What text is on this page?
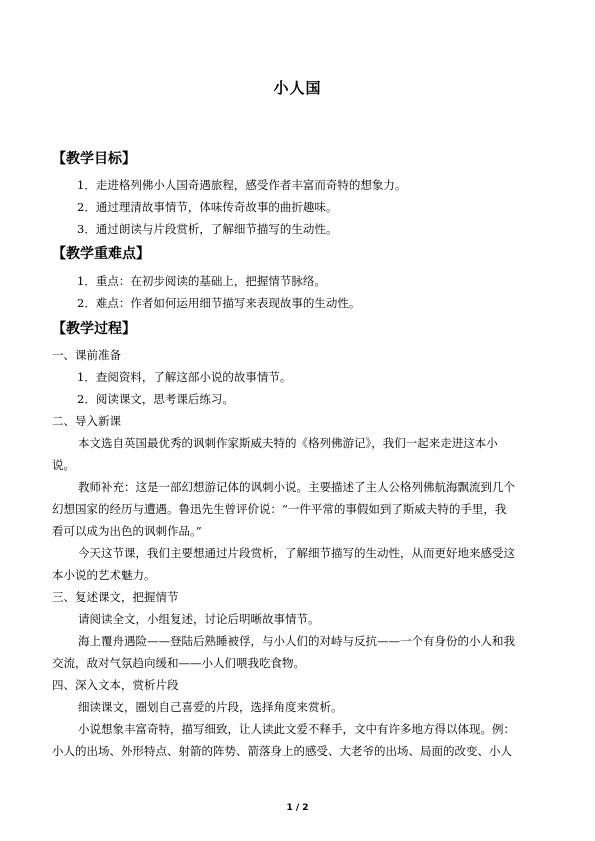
小人国
【教学目标】
1．走进格列佛小人国奇遇旅程，感受作者丰富而奇特的想象力。
2．通过理清故事情节，体味传奇故事的曲折趣味。
3．通过朗读与片段赏析，了解细节描写的生动性。
【教学重难点】
1．重点：在初步阅读的基础上，把握情节脉络。
2．难点：作者如何运用细节描写来表现故事的生动性。
【教学过程】
一、课前准备
1．查阅资料，了解这部小说的故事情节。
2．阅读课文，思考课后练习。
二、导入新课
本文选自英国最优秀的讽刺作家斯威夫特的《格列佛游记》，我们一起来走进这本小
说。
教师补充：这是一部幻想游记体的讽刺小说。主要描述了主人公格列佛航海飘流到几个
幻想国家的经历与遭遇。鲁迅先生曾评价说：“一件平常的事假如到了斯威夫特的手里，我
看可以成为出色的讽刺作品。”
今天这节课，我们主要想通过片段赏析，了解细节描写的生动性，从而更好地来感受这
本小说的艺术魅力。
三、复述课文，把握情节
请阅读全文，小组复述，讨论后明晰故事情节。
海上覆舟遇险——登陆后熟睡被俘，与小人们的对峙与反抗——一个有身份的小人和我
交流，敌对气氛趋向缓和——小人们喂我吃食物。
四、深入文本，赏析片段
细读课文，圈划自己喜爱的片段，选择角度来赏析。
小说想象丰富奇特，描写细致，让人读此文爱不释手，文中有许多地方得以体现。例：
小人的出场、外形特点、射箭的阵势、箭落身上的感受、大老爷的出场、局面的改变、小人
1 / 2
